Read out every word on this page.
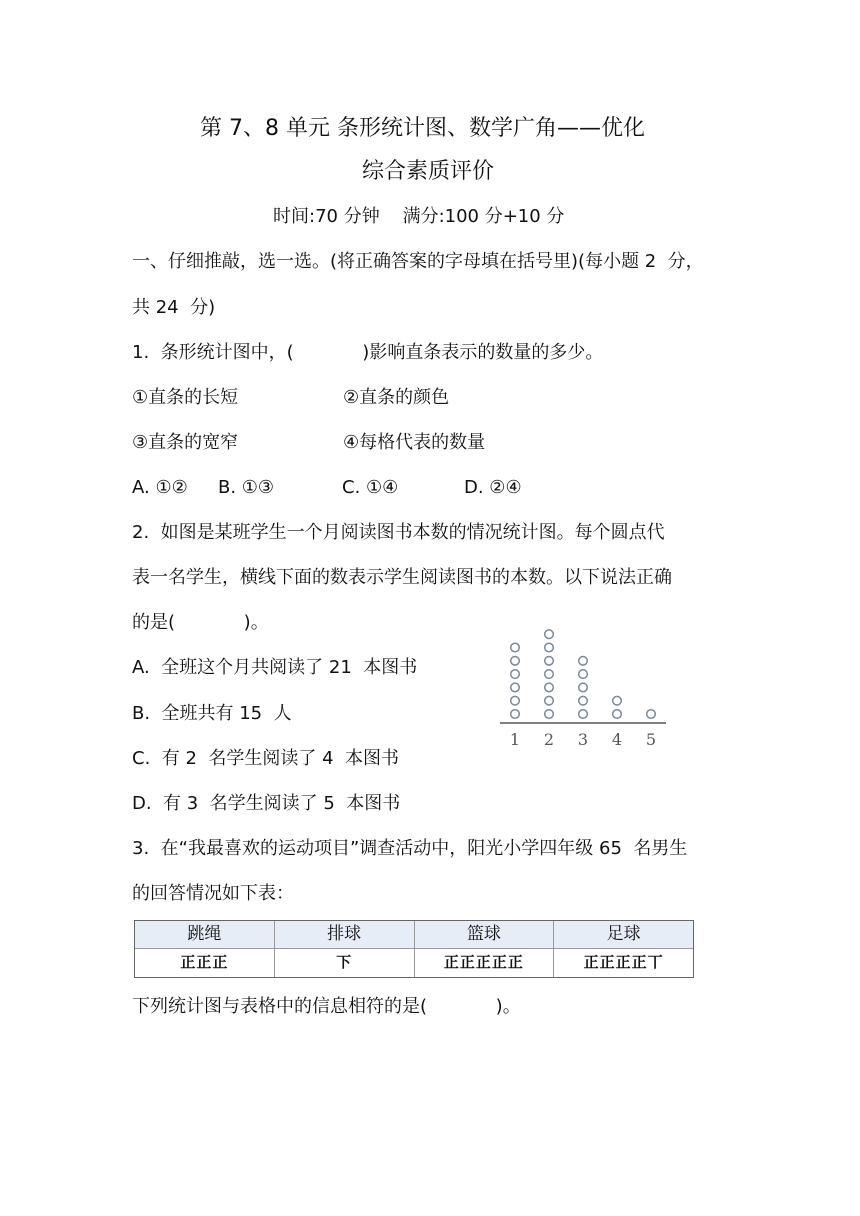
第 7、8 单元 条形统计图、数学广角——优化
综合素质评价
时间:70 分钟    满分:100 分+10 分
一、仔细推敲，选一选。(将正确答案的字母填在括号里)(每小题 2  分，
共 24  分)
1.  条形统计图中，(            )影响直条表示的数量的多少。
①直条的长短	②直条的颜色
③直条的宽窄	④每格代表的数量
A. ①② B. ①③	C. ①④	D. ②④
2.  如图是某班学生一个月阅读图书本数的情况统计图。每个圆点代
表一名学生，横线下面的数表示学生阅读图书的本数。以下说法正确
的是(            )。
A.  全班这个月共阅读了 21  本图书
B.  全班共有 15  人
C.  有 2  名学生阅读了 4  本图书
D.  有 3  名学生阅读了 5  本图书
1 2 3 4 5
3.  在“我最喜欢的运动项目”调查活动中，阳光小学四年级 65  名男生
的回答情况如下表：
跳绳	排球	篮球	足球
正正正	下	正正正正正	正正正正丅
下列统计图与表格中的信息相符的是(            )。
